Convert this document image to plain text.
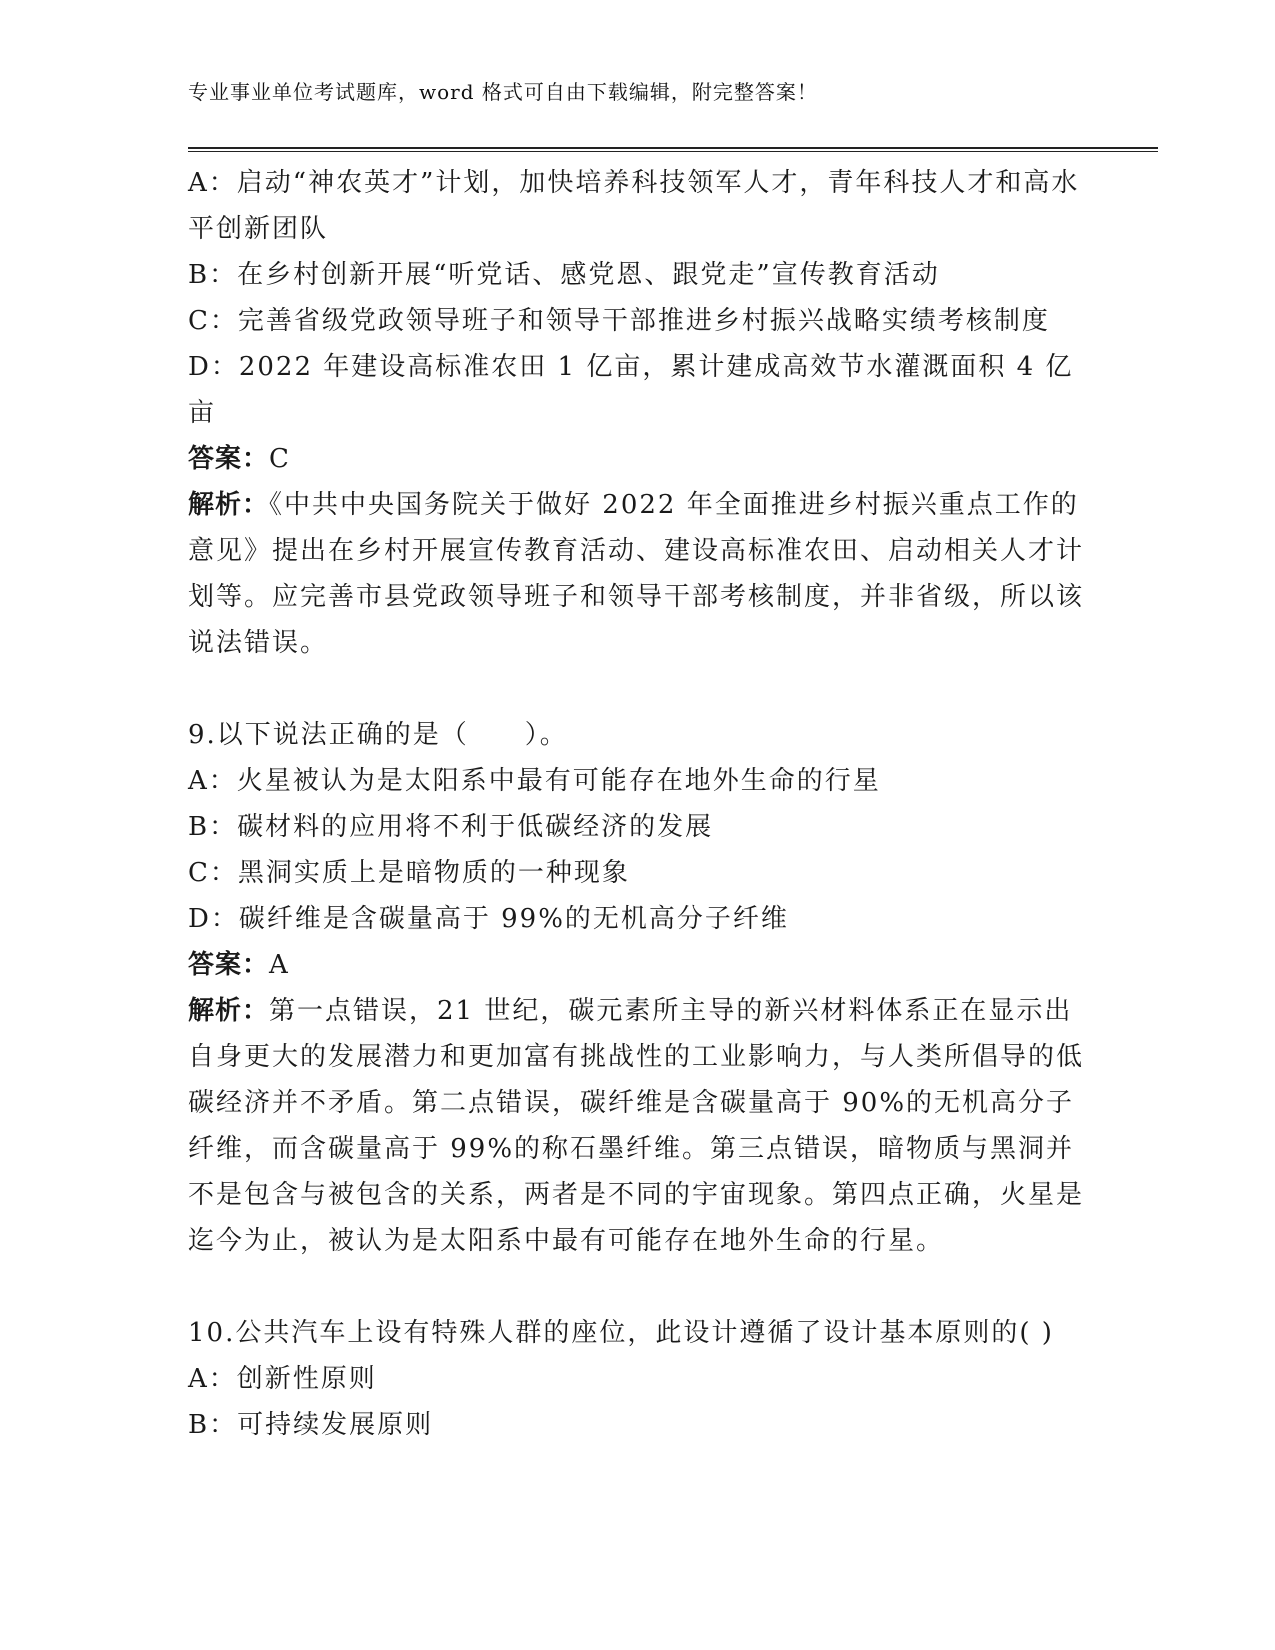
专业事业单位考试题库，word 格式可自由下载编辑，附完整答案！

A：启动“神农英才”计划，加快培养科技领军人才，青年科技人才和高水平创新团队

B：在乡村创新开展“听党话、感党恩、跟党走”宣传教育活动

C：完善省级党政领导班子和领导干部推进乡村振兴战略实绩考核制度

D：2022 年建设高标准农田 1 亿亩，累计建成高效节水灌溉面积 4 亿亩

答案：C

解析：《中共中央国务院关于做好 2022 年全面推进乡村振兴重点工作的意见》提出在乡村开展宣传教育活动、建设高标准农田、启动相关人才计划等。应完善市县党政领导班子和领导干部考核制度，并非省级，所以该说法错误。

9.以下说法正确的是（　　）。

A：火星被认为是太阳系中最有可能存在地外生命的行星

B：碳材料的应用将不利于低碳经济的发展

C：黑洞实质上是暗物质的一种现象

D：碳纤维是含碳量高于 99%的无机高分子纤维

答案：A

解析：第一点错误，21 世纪，碳元素所主导的新兴材料体系正在显示出自身更大的发展潜力和更加富有挑战性的工业影响力，与人类所倡导的低碳经济并不矛盾。第二点错误，碳纤维是含碳量高于 90%的无机高分子纤维，而含碳量高于 99%的称石墨纤维。第三点错误，暗物质与黑洞并不是包含与被包含的关系，两者是不同的宇宙现象。第四点正确，火星是迄今为止，被认为是太阳系中最有可能存在地外生命的行星。

10.公共汽车上设有特殊人群的座位，此设计遵循了设计基本原则的( )

A：创新性原则

B：可持续发展原则
